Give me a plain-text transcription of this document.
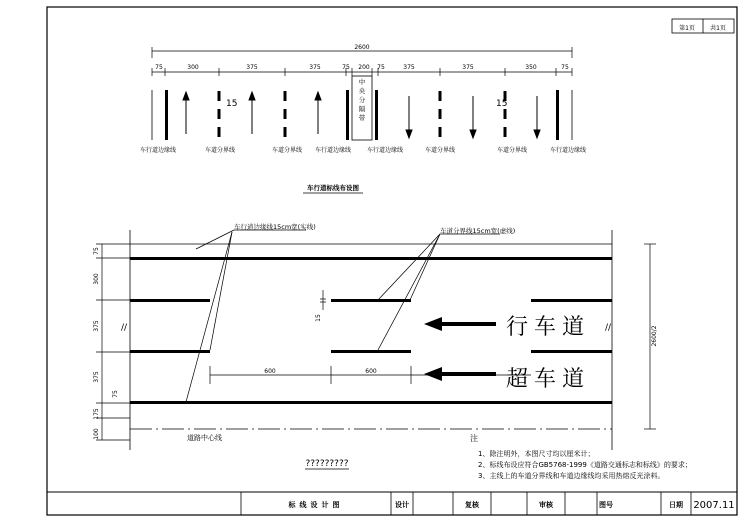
第1页	共1页
2600
75	300	375	375	75 200 75	375	375	350	75
中央分隔带
15	15
车行道边缘线	车道分界线	车道分界线 车行道边缘线	车行道边缘线	车道分界线	车道分界线	车行道边缘线
车行道标线布设图
75
300
375
375
75
175
100
//	//
道路中心线
车行道边缘线15cm宽(实线)	车道分界线15cm宽(虚线)
15
600	600
2600/2
行车道
超车道
?????????
注
1、除注明外，本图尺寸均以厘米计；
2、标线布设应符合GB5768-1999《道路交通标志和标线》的要求；
3、主线上的车道分界线和车道边缘线均采用热熔反光涂料。
标线设计图	设计	复核	审核	图号	日期 2007.11
